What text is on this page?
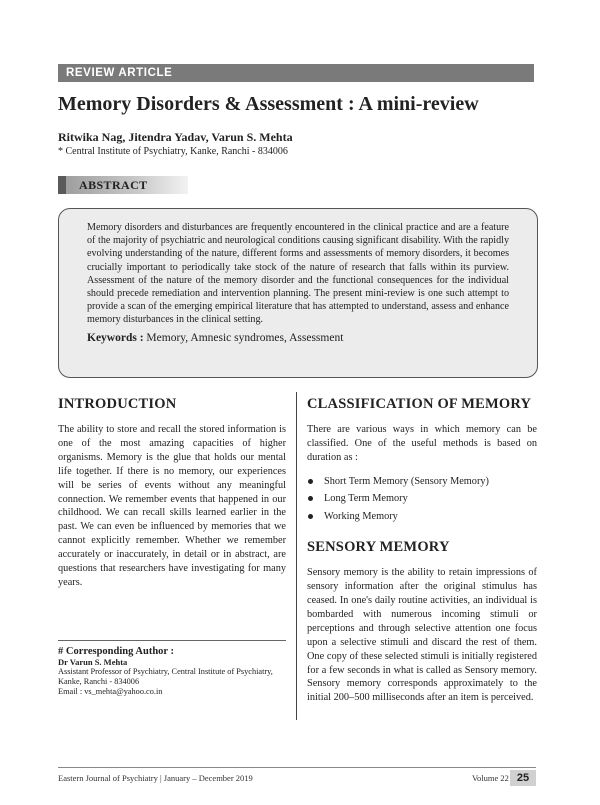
REVIEW ARTICLE
Memory Disorders & Assessment : A mini-review
Ritwika Nag, Jitendra Yadav, Varun S. Mehta
* Central Institute of Psychiatry, Kanke, Ranchi - 834006
ABSTRACT

Memory disorders and disturbances are frequently encountered in the clinical practice and are a feature of the majority of psychiatric and neurological conditions causing significant disability. With the rapidly evolving understanding of the nature, different forms and assessments of memory disorders, it becomes crucially important to periodically take stock of the nature of research that falls within its purview. Assessment of the nature of the memory disorder and the functional consequences for the individual should precede remediation and intervention planning. The present mini-review is one such attempt to provide a scan of the emerging empirical literature that has attempted to understand, assess and enhance memory disturbances in the clinical setting.

Keywords : Memory, Amnesic syndromes, Assessment
INTRODUCTION

The ability to store and recall the stored information is one of the most amazing capacities of higher organisms. Memory is the glue that holds our mental life together. If there is no memory, our experiences will be series of events without any meaningful connection. We remember events that happened in our childhood. We can recall skills learned earlier in the past. We can even be influenced by memories that we cannot explicitly remember. Whether we remember accurately or inaccurately, in detail or in abstract, are questions that researchers have investigating for many years.

CLASSIFICATION OF MEMORY

There are various ways in which memory can be classified. One of the useful methods is based on duration as :

Short Term Memory (Sensory Memory)
Long Term Memory
Working Memory
SENSORY MEMORY

Sensory memory is the ability to retain impressions of sensory information after the original stimulus has ceased. In one's daily routine activities, an individual is bombarded with numerous incoming stimuli or perceptions and through selective attention one focus upon a selective stimuli and discard the rest of them. One copy of these selected stimuli is initially registered for a few seconds in what is called as Sensory memory. Sensory memory corresponds approximately to the initial 200–500 milliseconds after an item is perceived.

# Corresponding Author :
Dr Varun S. Mehta
Assistant Professor of Psychiatry, Central Institute of Psychiatry,
Kanke, Ranchi - 834006
Email : vs_mehta@yahoo.co.in
Eastern Journal of Psychiatry | January – December 2019	Volume 22 25
